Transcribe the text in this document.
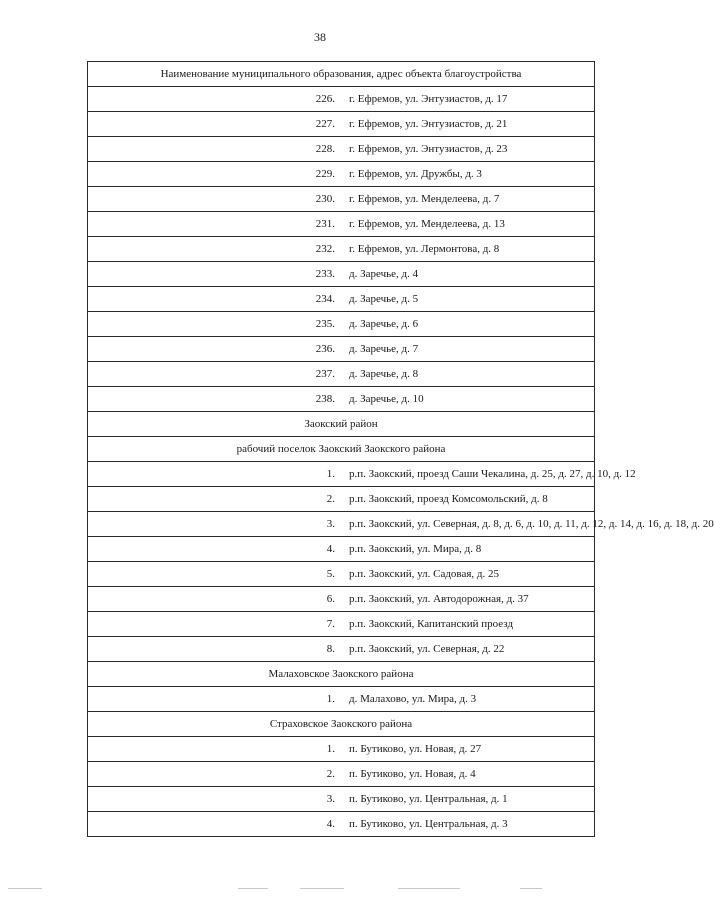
38
Наименование муниципального образования, адрес объекта благоустройства	
226.	г. Ефремов, ул. Энтузиастов, д. 17
227.	г. Ефремов, ул. Энтузиастов, д. 21
228.	г. Ефремов, ул. Энтузиастов, д. 23
229.	г. Ефремов, ул. Дружбы, д. 3
230.	г. Ефремов, ул. Менделеева, д. 7
231.	г. Ефремов, ул. Менделеева, д. 13
232.	г. Ефремов, ул. Лермонтова, д. 8
233.	д. Заречье, д. 4
234.	д. Заречье, д. 5
235.	д. Заречье, д. 6
236.	д. Заречье, д. 7
237.	д. Заречье, д. 8
238.	д. Заречье, д. 10
Заокский район	
рабочий поселок Заокский Заокского района	
1.	р.п. Заокский, проезд Саши Чекалина, д. 25, д. 27, д. 10, д. 12
2.	р.п. Заокский, проезд Комсомольский, д. 8
3.	р.п. Заокский, ул. Северная, д. 8, д. 6, д. 10, д. 11, д. 12, д. 14, д. 16, д. 18, д. 20
4.	р.п. Заокский, ул. Мира, д. 8
5.	р.п. Заокский, ул. Садовая, д. 25
6.	р.п. Заокский, ул. Автодорожная, д. 37
7.	р.п. Заокский, Капитанский проезд
8.	р.п. Заокский, ул. Северная, д. 22
Малаховское Заокского района	
1.	д. Малахово, ул. Мира, д. 3
Страховское Заокского района	
1.	п. Бутиково, ул. Новая, д. 27
2.	п. Бутиково, ул. Новая, д. 4
3.	п. Бутиково, ул. Центральная, д. 1
4.	п. Бутиково, ул. Центральная, д. 3
